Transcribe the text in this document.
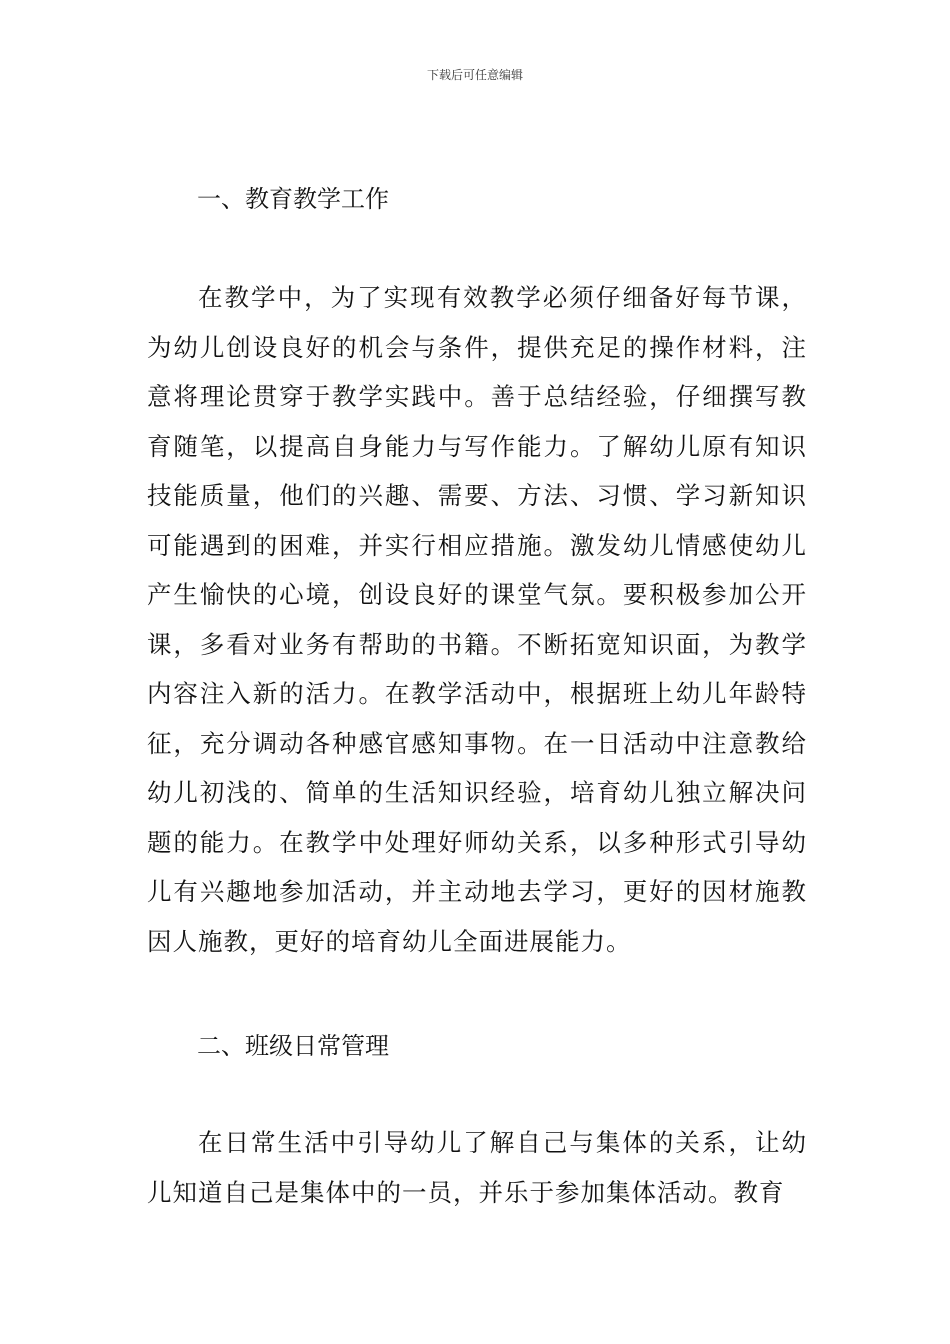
下载后可任意编辑
一、教育教学工作
在教学中，为了实现有效教学必须仔细备好每节课，为幼儿创设良好的机会与条件，提供充足的操作材料，注意将理论贯穿于教学实践中。善于总结经验，仔细撰写教育随笔，以提高自身能力与写作能力。了解幼儿原有知识技能质量，他们的兴趣、需要、方法、习惯、学习新知识可能遇到的困难，并实行相应措施。激发幼儿情感使幼儿产生愉快的心境，创设良好的课堂气氛。要积极参加公开课，多看对业务有帮助的书籍。不断拓宽知识面，为教学内容注入新的活力。在教学活动中，根据班上幼儿年龄特征，充分调动各种感官感知事物。在一日活动中注意教给幼儿初浅的、简单的生活知识经验，培育幼儿独立解决问题的能力。在教学中处理好师幼关系，以多种形式引导幼儿有兴趣地参加活动，并主动地去学习，更好的因材施教因人施教，更好的培育幼儿全面进展能力。
二、班级日常管理
在日常生活中引导幼儿了解自己与集体的关系，让幼儿知道自己是集体中的一员，并乐于参加集体活动。教育
